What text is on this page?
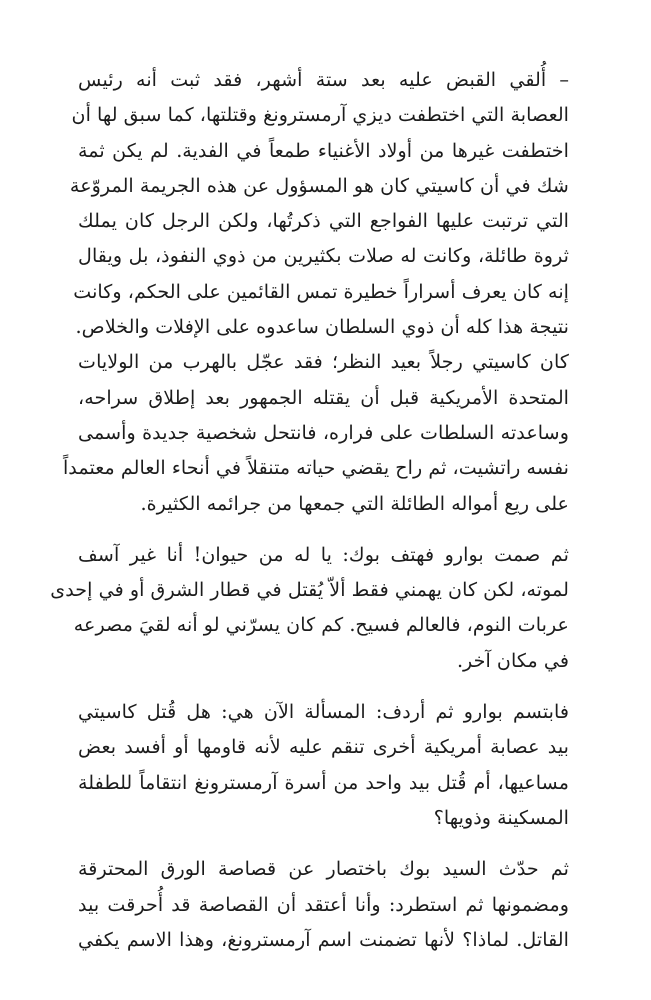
– أُلقي القبض عليه بعد ستة أشهر، فقد ثبت أنه رئيس
العصابة التي اختطفت ديزي آرمسترونغ وقتلتها، كما سبق لها أن
اختطفت غيرها من أولاد الأغنياء طمعاً في الفدية. لم يكن ثمة
شك في أن كاسيتي كان هو المسؤول عن هذه الجريمة المروّعة
التي ترتبت عليها الفواجع التي ذكرتُها، ولكن الرجل كان يملك
ثروة طائلة، وكانت له صلات بكثيرين من ذوي النفوذ، بل ويقال
إنه كان يعرف أسراراً خطيرة تمس القائمين على الحكم، وكانت
نتيجة هذا كله أن ذوي السلطان ساعدوه على الإفلات والخلاص.
كان كاسيتي رجلاً بعيد النظر؛ فقد عجّل بالهرب من الولايات
المتحدة الأمريكية قبل أن يقتله الجمهور بعد إطلاق سراحه،
وساعدته السلطات على فراره، فانتحل شخصية جديدة وأسمى
نفسه راتشيت، ثم راح يقضي حياته متنقلاً في أنحاء العالم معتمداً
على ريع أمواله الطائلة التي جمعها من جرائمه الكثيرة.
ثم صمت بوارو فهتف بوك: يا له من حيوان! أنا غير آسف
لموته، لكن كان يهمني فقط ألاّ يُقتل في قطار الشرق أو في إحدى
عربات النوم، فالعالم فسيح. كم كان يسرّني لو أنه لقيَ مصرعه
في مكان آخر.
فابتسم بوارو ثم أردف: المسألة الآن هي: هل قُتل كاسيتي
بيد عصابة أمريكية أخرى تنقم عليه لأنه قاومها أو أفسد بعض
مساعيها، أم قُتل بيد واحد من أسرة آرمسترونغ انتقاماً للطفلة
المسكينة وذويها؟
ثم حدّث السيد بوك باختصار عن قصاصة الورق المحترقة
ومضمونها ثم استطرد: وأنا أعتقد أن القصاصة قد أُحرقت بيد
القاتل. لماذا؟ لأنها تضمنت اسم آرمسترونغ، وهذا الاسم يكفي
